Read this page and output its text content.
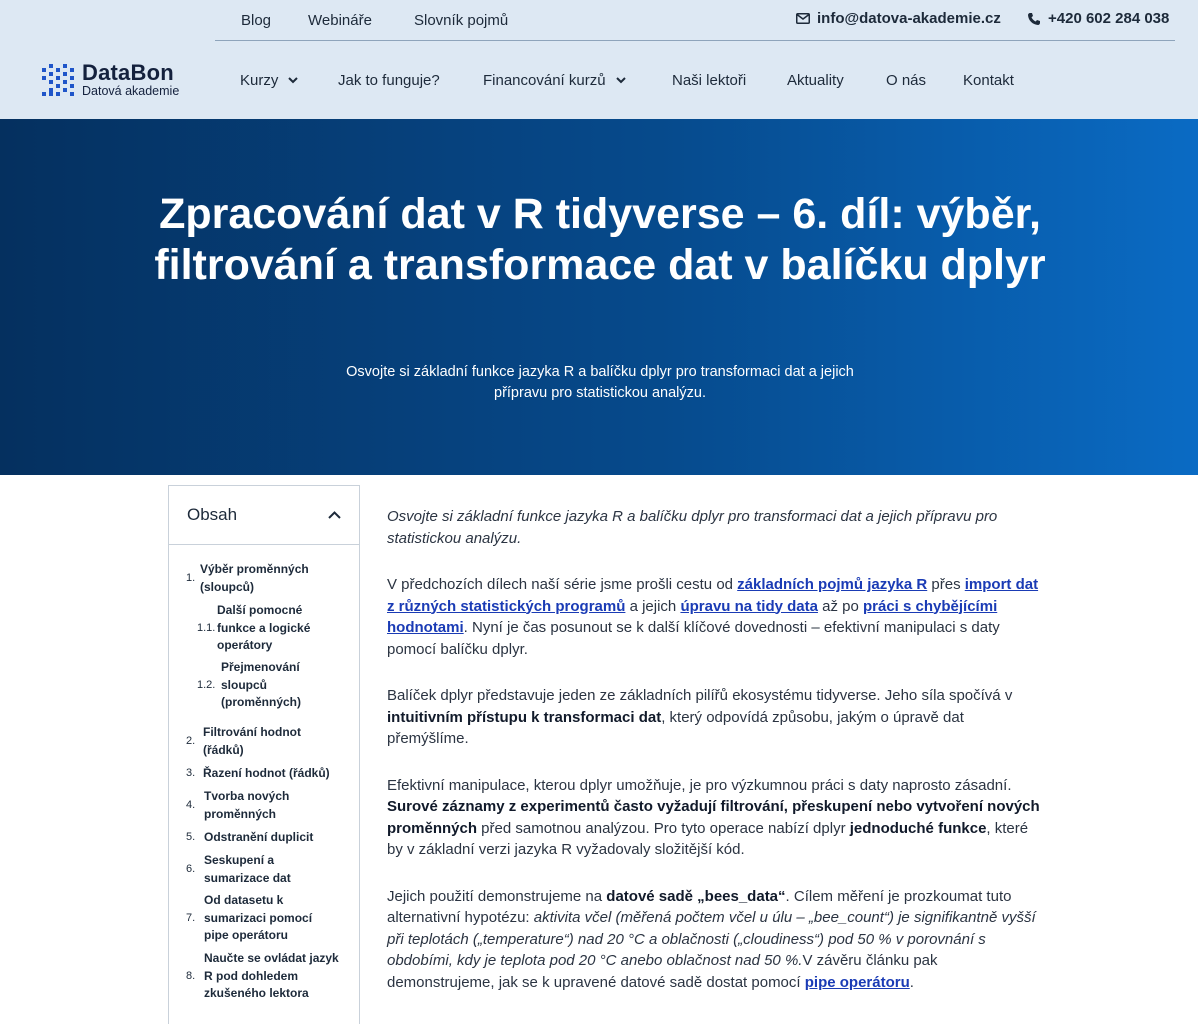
Blog Webináře	Slovník pojmů	info@datova-akademie.cz	+420 602 284 038
DataBon
Datová akademie
Kurzy	Jak to funguje?	Financování kurzů	Naši lektoři	Aktuality	O nás Kontakt
Zpracování dat v R tidyverse – 6. díl: výběr, filtrování a transformace dat v balíčku dplyr

Osvojte si základní funkce jazyka R a balíčku dplyr pro transformaci dat a jejich přípravu pro statistickou analýzu.

Obsah
1.
Výběr proměnných (sloupců)
1.1.
Další pomocné funkce a logické operátory
1.2.
Přejmenování sloupců (proměnných)
2.
Filtrování hodnot (řádků)
3. Řazení hodnot (řádků)
4.
Tvorba nových proměnných
5. Odstranění duplicit
6.
Seskupení a sumarizace dat
7.
Od datasetu k sumarizaci pomocí pipe operátoru
8.
Naučte se ovládat jazyk R pod dohledem zkušeného lektora

Osvojte si základní funkce jazyka R a balíčku dplyr pro transformaci dat a jejich přípravu pro statistickou analýzu.

V předchozích dílech naší série jsme prošli cestu od základních pojmů jazyka R přes import dat z různých statistických programů a jejich úpravu na tidy data až po práci s chybějícími hodnotami. Nyní je čas posunout se k další klíčové dovednosti – efektivní manipulaci s daty pomocí balíčku dplyr.

Balíček dplyr představuje jeden ze základních pilířů ekosystému tidyverse. Jeho síla spočívá v intuitivním přístupu k transformaci dat, který odpovídá způsobu, jakým o úpravě dat přemýšlíme.

Efektivní manipulace, kterou dplyr umožňuje, je pro výzkumnou práci s daty naprosto zásadní. Surové záznamy z experimentů často vyžadují filtrování, přeskupení nebo vytvoření nových proměnných před samotnou analýzou. Pro tyto operace nabízí dplyr jednoduché funkce, které by v základní verzi jazyka R vyžadovaly složitější kód.

Jejich použití demonstrujeme na datové sadě „bees_data“. Cílem měření je prozkoumat tuto alternativní hypotézu: aktivita včel (měřená počtem včel u úlu – „bee_count“) je signifikantně vyšší při teplotách („temperature“) nad 20 °C a oblačnosti („cloudiness“) pod 50 % v porovnání s obdobími, kdy je teplota pod 20 °C anebo oblačnost nad 50 %.V závěru článku pak demonstrujeme, jak se k upravené datové sadě dostat pomocí pipe operátoru.
